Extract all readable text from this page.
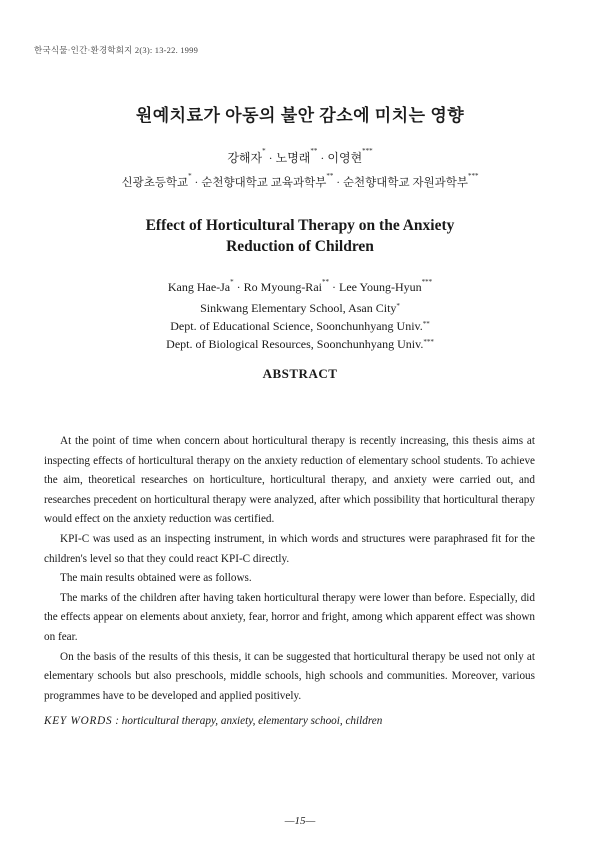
한국식물·인간·환경학회지 2(3): 13-22. 1999
원예치료가 아동의 불안 감소에 미치는 영향
강해자* · 노명래** · 이영현***
신광초등학교* · 순천향대학교 교육과학부** · 순천향대학교 자원과학부***
Effect of Horticultural Therapy on the Anxiety
Reduction of Children
Kang Hae-Ja* · Ro Myoung-Rai** · Lee Young-Hyun***
Sinkwang Elementary School, Asan City*
Dept. of Educational Science, Soonchunhyang Univ.**
Dept. of Biological Resources, Soonchunhyang Univ.***
ABSTRACT

At the point of time when concern about horticultural therapy is recently increasing, this thesis aims at inspecting effects of horticultural therapy on the anxiety reduction of elementary school students. To achieve the aim, theoretical researches on horticulture, horticultural therapy, and anxiety were carried out, and researches precedent on horticultural therapy were analyzed, after which possibility that horticultural therapy would effect on the anxiety reduction was certified.

KPI-C was used as an inspecting instrument, in which words and structures were paraphrased fit for the children's level so that they could react KPI-C directly.

The main results obtained were as follows.

The marks of the children after having taken horticultural therapy were lower than before. Especially, did the effects appear on elements about anxiety, fear, horror and fright, among which apparent effect was shown on fear.

On the basis of the results of this thesis, it can be suggested that horticultural therapy be used not only at elementary schools but also preschools, middle schools, high schools and communities. Moreover, various programmes have to be developed and applied positively.

KEY WORDS : horticultural therapy, anxiety, elementary schooi, children
—15—
